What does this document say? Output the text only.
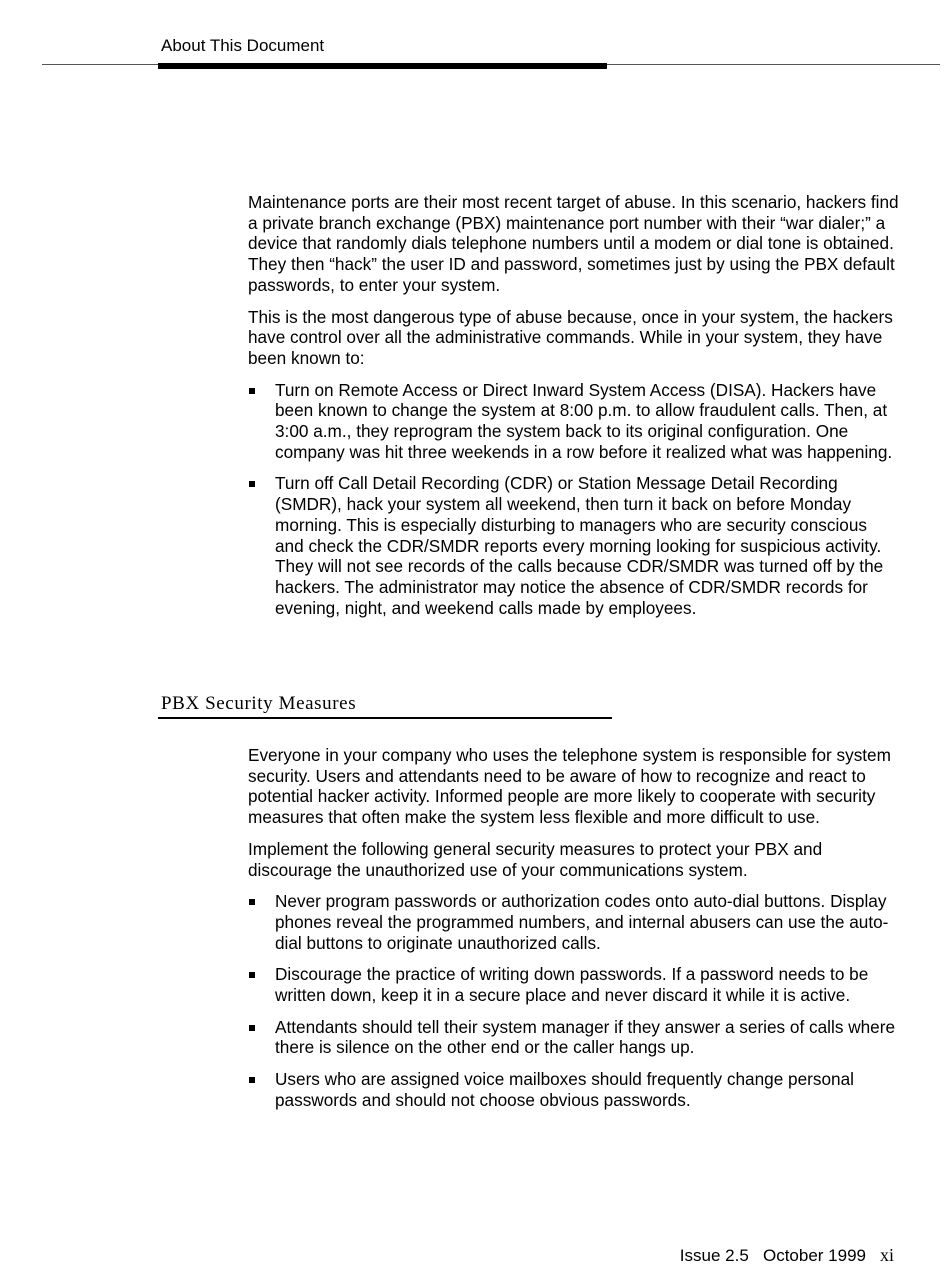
About This Document

Maintenance ports are their most recent target of abuse. In this scenario, hackers find a private branch exchange (PBX) maintenance port number with their “war dialer;” a device that randomly dials telephone numbers until a modem or dial tone is obtained. They then “hack” the user ID and password, sometimes just by using the PBX default passwords, to enter your system.

This is the most dangerous type of abuse because, once in your system, the hackers have control over all the administrative commands. While in your system, they have been known to:

Turn on Remote Access or Direct Inward System Access (DISA). Hackers have been known to change the system at 8:00 p.m. to allow fraudulent calls. Then, at 3:00 a.m., they reprogram the system back to its original configuration. One company was hit three weekends in a row before it realized what was happening.
Turn off Call Detail Recording (CDR) or Station Message Detail Recording (SMDR), hack your system all weekend, then turn it back on before Monday morning. This is especially disturbing to managers who are security conscious and check the CDR/SMDR reports every morning looking for suspicious activity. They will not see records of the calls because CDR/SMDR was turned off by the hackers. The administrator may notice the absence of CDR/SMDR records for evening, night, and weekend calls made by employees.
PBX Security Measures

Everyone in your company who uses the telephone system is responsible for system security. Users and attendants need to be aware of how to recognize and react to potential hacker activity. Informed people are more likely to cooperate with security measures that often make the system less flexible and more difficult to use.

Implement the following general security measures to protect your PBX and discourage the unauthorized use of your communications system.

Never program passwords or authorization codes onto auto-dial buttons. Display phones reveal the programmed numbers, and internal abusers can use the auto-dial buttons to originate unauthorized calls.
Discourage the practice of writing down passwords. If a password needs to be written down, keep it in a secure place and never discard it while it is active.
Attendants should tell their system manager if they answer a series of calls where there is silence on the other end or the caller hangs up.
Users who are assigned voice mailboxes should frequently change personal passwords and should not choose obvious passwords.
Issue 2.5 October 1999 xi
